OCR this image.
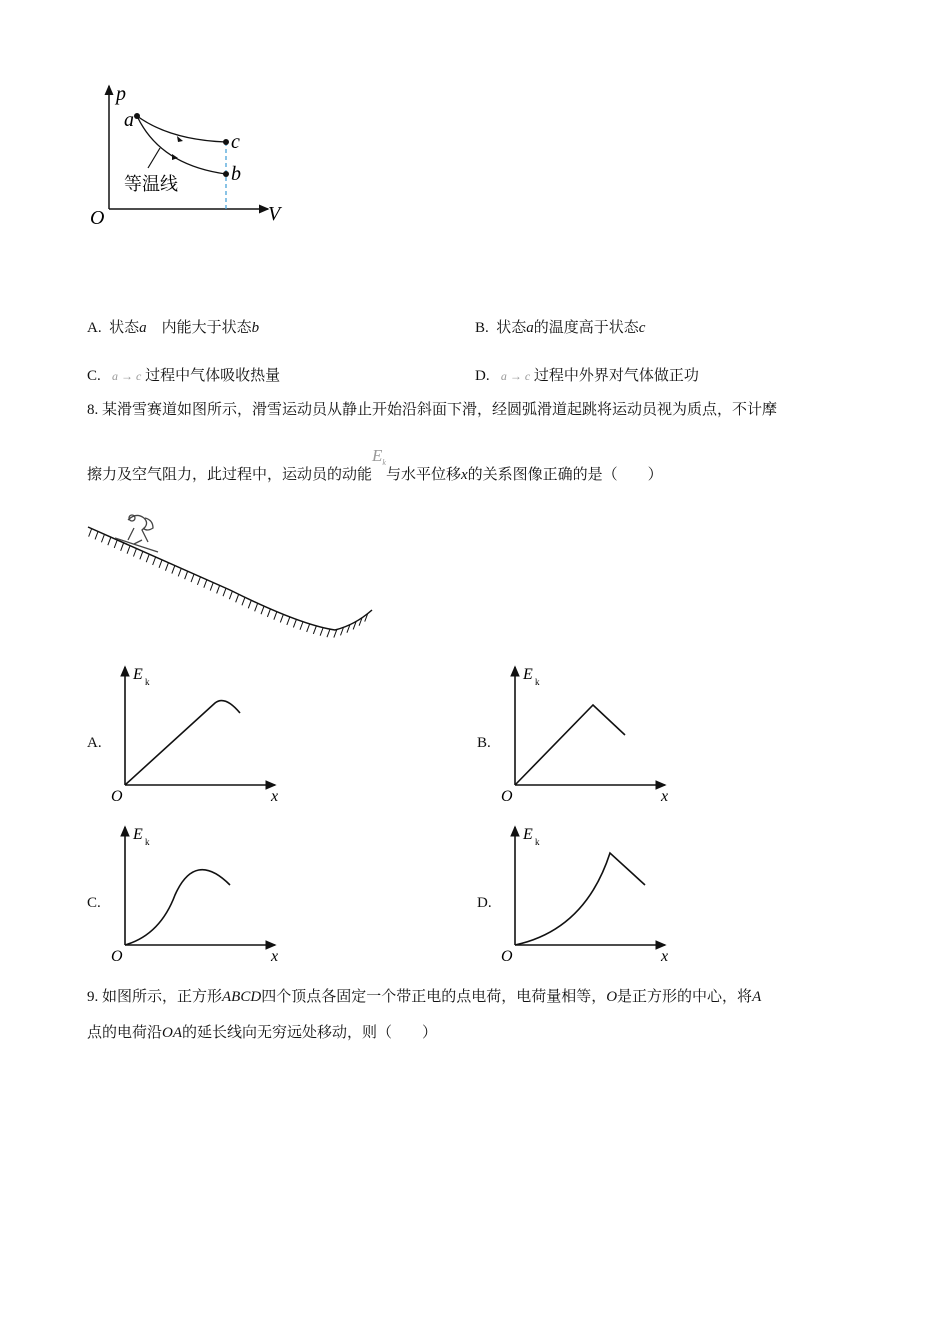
p
a
c
b
等温线
O	V
A. 状态a 内能大于状态b	B. 状态a的温度高于状态c
C. a → c 过程中气体吸收热量	D. a → c 过程中外界对气体做正功
8. 某滑雪赛道如图所示，滑雪运动员从静止开始沿斜面下滑，经圆弧滑道起跳将运动员视为质点，不计摩
擦力及空气阻力，此过程中，运动员的动能$E_k$与水平位移x的关系图像正确的是（　　）
A.
E k
O	x
B.
E k
O	x
C.
E k
O	x
D.
E k
O	x
9. 如图所示，正方形ABCD四个顶点各固定一个带正电的点电荷，电荷量相等，O是正方形的中心，将A
点的电荷沿OA的延长线向无穷远处移动，则（　　）
